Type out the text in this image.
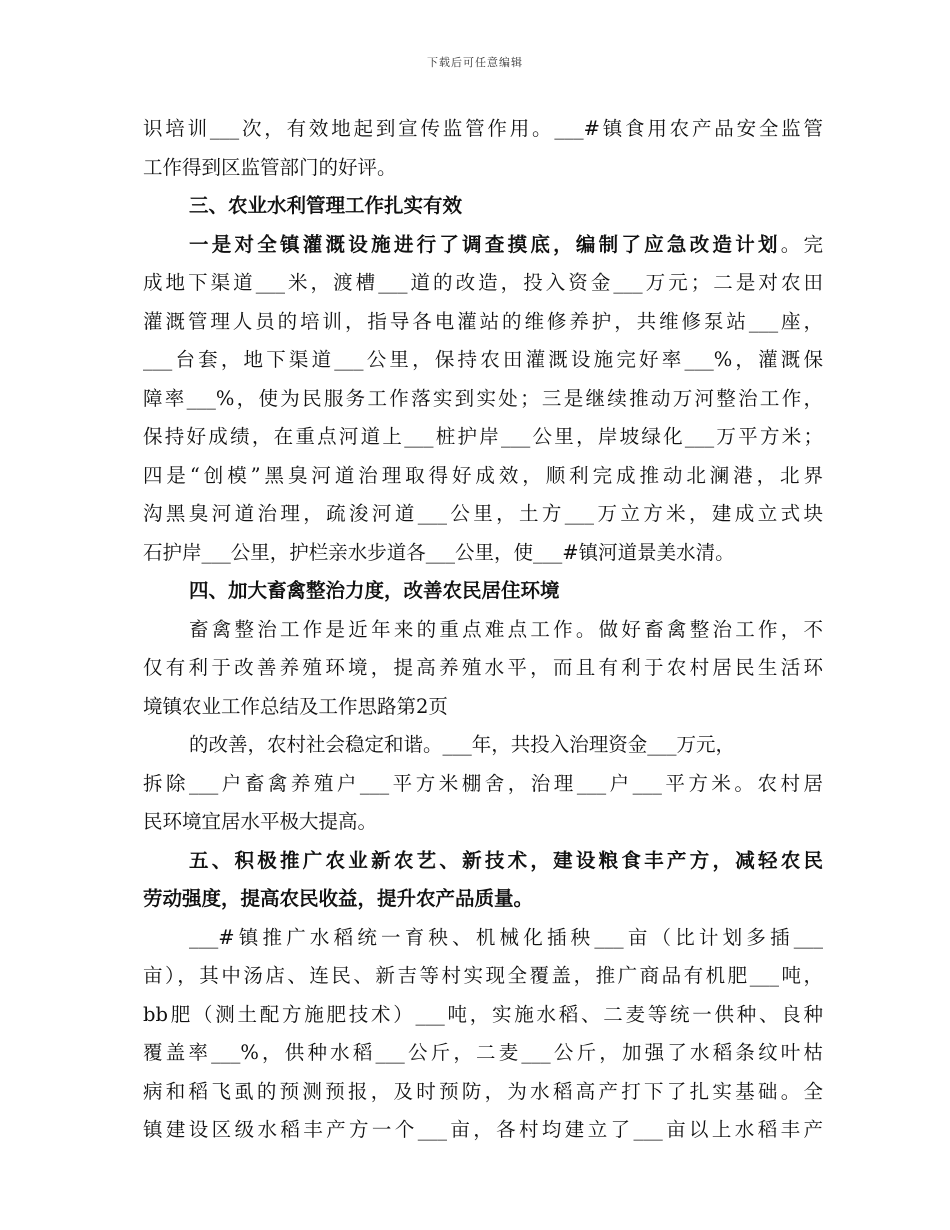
下载后可任意编辑
识培训___次，有效地起到宣传监管作用。___#镇食用农产品安全监管
工作得到区监管部门的好评。
三、农业水利管理工作扎实有效
一是对全镇灌溉设施进行了调查摸底，编制了应急改造计划。完
成地下渠道___米，渡槽___道的改造，投入资金___万元；二是对农田
灌溉管理人员的培训，指导各电灌站的维修养护，共维修泵站___座，
___台套，地下渠道___公里，保持农田灌溉设施完好率___%，灌溉保
障率___%，使为民服务工作落实到实处；三是继续推动万河整治工作，
保持好成绩，在重点河道上___桩护岸___公里，岸坡绿化___万平方米；
四是“创模”黑臭河道治理取得好成效，顺利完成推动北澜港，北界
沟黑臭河道治理，疏浚河道___公里，土方___万立方米，建成立式块
石护岸___公里，护栏亲水步道各___公里，使___#镇河道景美水清。
四、加大畜禽整治力度，改善农民居住环境
畜禽整治工作是近年来的重点难点工作。做好畜禽整治工作，不
仅有利于改善养殖环境，提高养殖水平，而且有利于农村居民生活环
境镇农业工作总结及工作思路第2页
的改善，农村社会稳定和谐。___年，共投入治理资金___万元，
拆除___户畜禽养殖户___平方米棚舍，治理___户___平方米。农村居
民环境宜居水平极大提高。
五、积极推广农业新农艺、新技术，建设粮食丰产方，减轻农民
劳动强度，提高农民收益，提升农产品质量。
___#镇推广水稻统一育秧、机械化插秧___亩（比计划多插___
亩），其中汤店、连民、新吉等村实现全覆盖，推广商品有机肥___吨，
bb肥（测土配方施肥技术）___吨，实施水稻、二麦等统一供种、良种
覆盖率___%，供种水稻___公斤，二麦___公斤，加强了水稻条纹叶枯
病和稻飞虱的预测预报，及时预防，为水稻高产打下了扎实基础。全
镇建设区级水稻丰产方一个___亩，各村均建立了___亩以上水稻丰产
